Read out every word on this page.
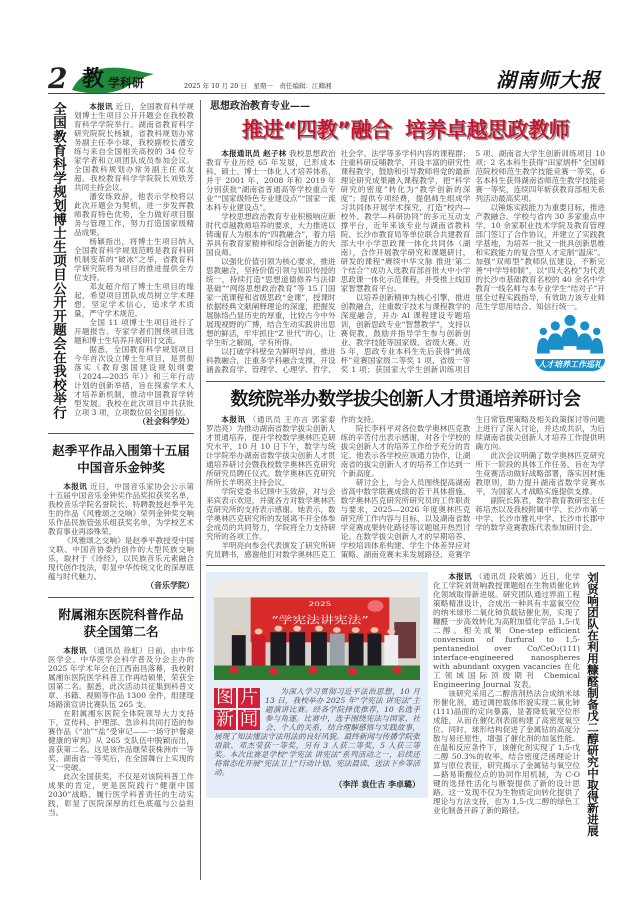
2 教 学科研	2025 年 10 月 20 日　星期一　责任编辑：江卿湘	湖南师大报
全国教育科学规划博士生项目公开开题会在我校举行	本报讯 近日，全国教育科学规划博士生项目公开开题会在我校教育科学学院举行。湖南省教育科学研究院院长杨颖，省教科规划办常务副主任李小球，我校副校长潘安练与来自全国相关高校的 34 位专家学者和立项团队成员参加会议。全国教科规划办常务副主任邓友超、我校教育科学学院院长刘铁芳共同主持会议。

潘安练致辞，他表示学校将以此次开题会为契机，进一步发挥教师教育特色优势，全力做好项目服务与管理工作，努力打造国家级精品成果。

杨颖指出，将博士生项目纳入全国教育科学规划范畴是教育科研机制变革的“破冰”之举，省教育科学研究院将为项目的推进提供全方位支持。

邓友超介绍了博士生项目的缘起，希望项目团队成员树立学术理想，坚定学术信心，追求学术质量，严守学术规范。

全国 11 项博士生项目进行了开题报告。专家学者们围绕项目选题和博士生培养开展研讨交流。

据悉，全国教育科学规划项目今年首次设立博士生项目，是贯彻落实《教育强国建设规划纲要（2024—2035 年）》和三年行动计划的创新举措，旨在探索学术人才培养新机制，推动中国教育学转型发展。我校在此次项目中共获批立项 3 项，立项数位居全国首位。

（社会科学处）
赵季平作品入围第十五届
中国音乐金钟奖

本报讯 近日，中国音乐家协会公示第十五届中国音乐金钟奖作品奖拟获奖名单，我校音乐学院名誉院长、特聘教授赵季平先生的作品《风雅颂之交响》荣列金钟奖交响乐作品民族管弦乐组获奖名单，为学校艺术教育事业再添殊荣。

《风雅颂之交响》是赵季平教授受中国文联、中国音协委约创作的大型民族交响乐，取材于《诗经》，以民族音乐元素融合现代创作技法，彰显中华传统文化的深厚底蕴与时代魅力。

（音乐学院）
附属湘东医院科普作品
获全国第二名

本报讯 （通讯员 徐虹）日前，由中华医学会、中华医学会科学普及分会主办的 2025 年学术年会在江西南昌落幕，我校附属湘东医院医学科普工作再结硕果，荣获全国第二名。据悉，此次活动共征集到科普文章、书籍、视频等作品 1300 余件，组建现场路演宣讲比赛队伍 265 支。

在附属湘东医院全体院领导大力支持下，宣传科、护理部、急诊科共同打造的参赛作品《“油”“盐”受审记——一场守护餐桌健康的审判》从 265 支队伍中脱颖而出，喜获第二名。这是该作品继荣获株洲市一等奖、湖南省一等奖后，在全国舞台上实现的又一突破。

此次全国获奖，不仅是对该院科普工作成果的肯定，更是医院践行“健康中国 2030”战略、履行医学科普责任的生动实践，彰显了医院深厚的红色底蕴与公益担当。

思想政治教育专业——
推进“四教”融合  培养卓越思政教师

本报通讯员 赵子林 我校思想政治教育专业历经 65 年发展，已形成本科、硕士、博士一体化人才培养体系，并于 2001 年、2008 年和 2019 年分别获批“湖南省普通高等学校重点专业”“国家级特色专业建设点”“国家一流本科专业建设点”。

学校思想政治教育专业积极响应新时代卓越教师培养的要求，大力推进以铸魂育人为根本的“四教融合”，着力培养具有教育家精神和综合创新能力的大国良师。

以强化价值引领为核心要求，推进思教融合，坚持价值引领与知识传授的统一，持续打造“思想道德修养与法律基础”“网络思想政治教育”等 15 门国家一流课程和省级思政“金课”，授课时依据经典文献阐释理论的深邃，把握发展脉络凸显历史的厚重，比较古今中外展现视野的广博，结合生动实践讲出思想的鲜活，牢牢抓住“Z 世代”的心，让学生听之解闻，学有所得。

以打破学科壁垒为鲜明导向，推进科教融合，注重多学科融合支撑，开设涵盖教育学、管理学、心理学、哲学、社会学、法学等多学科内容的课程群；注重科研反哺教学，开设丰富的研究性课程教学，鼓励和引导教师将党的最新理论研究成果融入课程教学，把“科学研究的密度”转化为“教学创新的深度”；提供专项经费，提倡师生组成学习共同体开展学术探究，打造“校内—校外、教学—科研协同”的多元互动支撑平台，近年来该专业与湖南省教科院、长沙市教育局等单位联合共建教育部大中小学思政课一体化共同体（湖南），合作开展教学研究和课题研讨，研发的课程“赓续中华文脉 推进‘第二个结合’”成功入选教育部首批大中小学思政课一体化示范课程，并受推上线国家智慧教育平台。

以培养创新精神为核心引擎，推进创教融合，注重数字技术与课程教学的深度融合，开办 AI 课程建设专题培训，创新思政专业“智慧教学”，支持以赛促教，鼓励并指导学生参与创新创业、教学技能等国家级、省级大赛。近 5 年，思政专业本科生先后获得“挑战杯”竞赛国家级二等奖 1 项、省级一等奖 1 项；获国家大学生创新训练项目 5 项、湖南省大学生创新训练项目 10 项；2 名本科生获得“田家炳杯”全国师范院校师范生教学技能竞赛一等奖，6 名本科生获得湖南省师范生教学技能竞赛一等奖，连续四年斩获教育部相关系列活动最高奖项。

以锤炼实践能力为重要目标，推进产教融合。学校与省内 30 多家重点中学、10 余家职业技术学院及教育管理部门签订了合作协议，并建立了实践教学基地，为培养一批又一批具创新思维和实践能力的复合型人才定制“温床”。加强“双师型”教师队伍建设，不断完善“中学导师制”，以“四大名校”为代表的长沙市基础教育名校的 40 余名中学教育一线名师与本专业学生“结对子”开展全过程实践指导，有效助力该专业师范生学思用结合、知信行统一。

人才培养工作巡礼
数统院举办数学拔尖创新人才贯通培养研讨会

本报讯 （通讯员 王亦言 郭家泰 罗浩亮）为推动湖南省数学拔尖创新人才贯通培养，提升学校数学奥林匹克研究水平，10 月 10 日下午，数学与统计学院举办湖南省数学拔尖创新人才贯通培养研讨会暨我校数学奥林匹克研究所研究员聘任仪式。数学奥林匹克研究所所长羊明亮主持会议。

学院党委书记顾中玉致辞，对与会来宾表示欢迎，并就各方对数学奥林匹克研究所的支持表示感谢。她表示，数学奥林匹克研究所的发展离不开全体参会成员的共同努力，学院将全力支持研究所的各项工作。

羊明亮向参会代表颁发了研究所研究员聘书，感谢他们对数学奥林匹克工作的支持。

院长李科平对各位数学奥林匹克教练的辛苦付出表示感谢，对各个学校的拔尖创新人才的培养工作给予充分的肯定。他表示各学校应该通力协作，让湖南省的拔尖创新人才的培养工作达到一个新高度。

研讨会上，与会人员围绕提高湖南省高中数学联赛成绩的若干具体措施、数学奥林匹克研究所研究员的工作职责与要求，2025—2026 年度奥林匹克研究所工作内容与目标，以及湖南省数学竞赛成果转化路径等议题展开热烈讨论。在数学拔尖创新人才的早期培养、学校培训体系构建、学生个体差异应对策略、湖南竞赛未来发展路径、竞赛学生日常管理策略及相关政策探讨等问题上进行了深入讨论，并达成共识，为后续湖南省拔尖创新人才培养工作提供明确方向。

此次会议明确了数学奥林匹克研究所下一阶段的具体工作任务，旨在为学生竞赛活动做好战略部署，落实因材施教原则，助力提升湖南省数学竞赛水平，为国家人才战略实施提供支撑。

副院长陈君，数学教育教研室主任蒋培杰以及我校附属中学、长沙市第一中学、长沙市雅礼中学、长沙市长郡中学的数学竞赛教练代表参加研讨会。

2025
“学宪法讲宪法”
图 片
新 闻

为深入学习贯彻习近平法治思想，10 月 13 日，我校举办 2025 年“学宪法 讲宪法”主题演讲比赛。经各学院择优推荐，10 名选手参与角逐。比赛中，选手围绕宪法与国家、社会、个人的关系，结合理解感悟与实践故事，展现了知法懂法守法用法的良好风貌。最终新闻与传播学院张语歆、邓杰莹获一等奖，另有 3 人获二等奖，5 人获三等奖。本次比赛是学校“学宪法 讲宪法”系列活动之一，后续还将常态化开展“宪法卫士”行动计划、宪法晨读、送法下乡等活动。

（李洋 袁仕吉 李卓璐）

本报讯 （通讯员 段紫嫣）近日，化学化工学院刘贤响教授课题组在生物质催化转化领域取得新进展。研究团队通过界面工程策略精准设计，合成出一种具有丰富氧空位的纳米球形二氧化铈负载钴催化剂，实现了糠醛一步高效转化为高附加值化学品 1,5-戊二醇。相关成果 One-step efficient conversion of furfural to 1,5-pentanediol over Co/CeO₂(111) interface-engineered nanospheres with abundant oxygen vacancies 在化工领域国际顶级期刊 Chemical Engineering Journal 发表。

该研究采用乙二醇溶剂热法合成纳米球形催化剂，通过调控载体形貌实现二氧化铈(111)晶面的定向暴露，显著降低氧空位形成能，从而在催化剂表面构建了高密度氧空位。同时，球形结构促进了金属钴的高度分散与易还原性，增强了催化剂的加氢性能。在温和反应条件下，该催化剂实现了 1,5-戊二醇 50.3%的收率。结合密度泛函理论计算与原位表征，研究揭示了金属钴与氧空位—路易斯酸位点的协同作用机制，为 C-O 键的选择性活化与断裂提供了新的设计思路。这一发现不仅为生物质定向转化提供了理论与方法支持，也为 1,5-戊二醇的绿色工业化制备开辟了新的路径。	刘贤响团队在利用糠醛制备戊二醇研究中取得新进展
